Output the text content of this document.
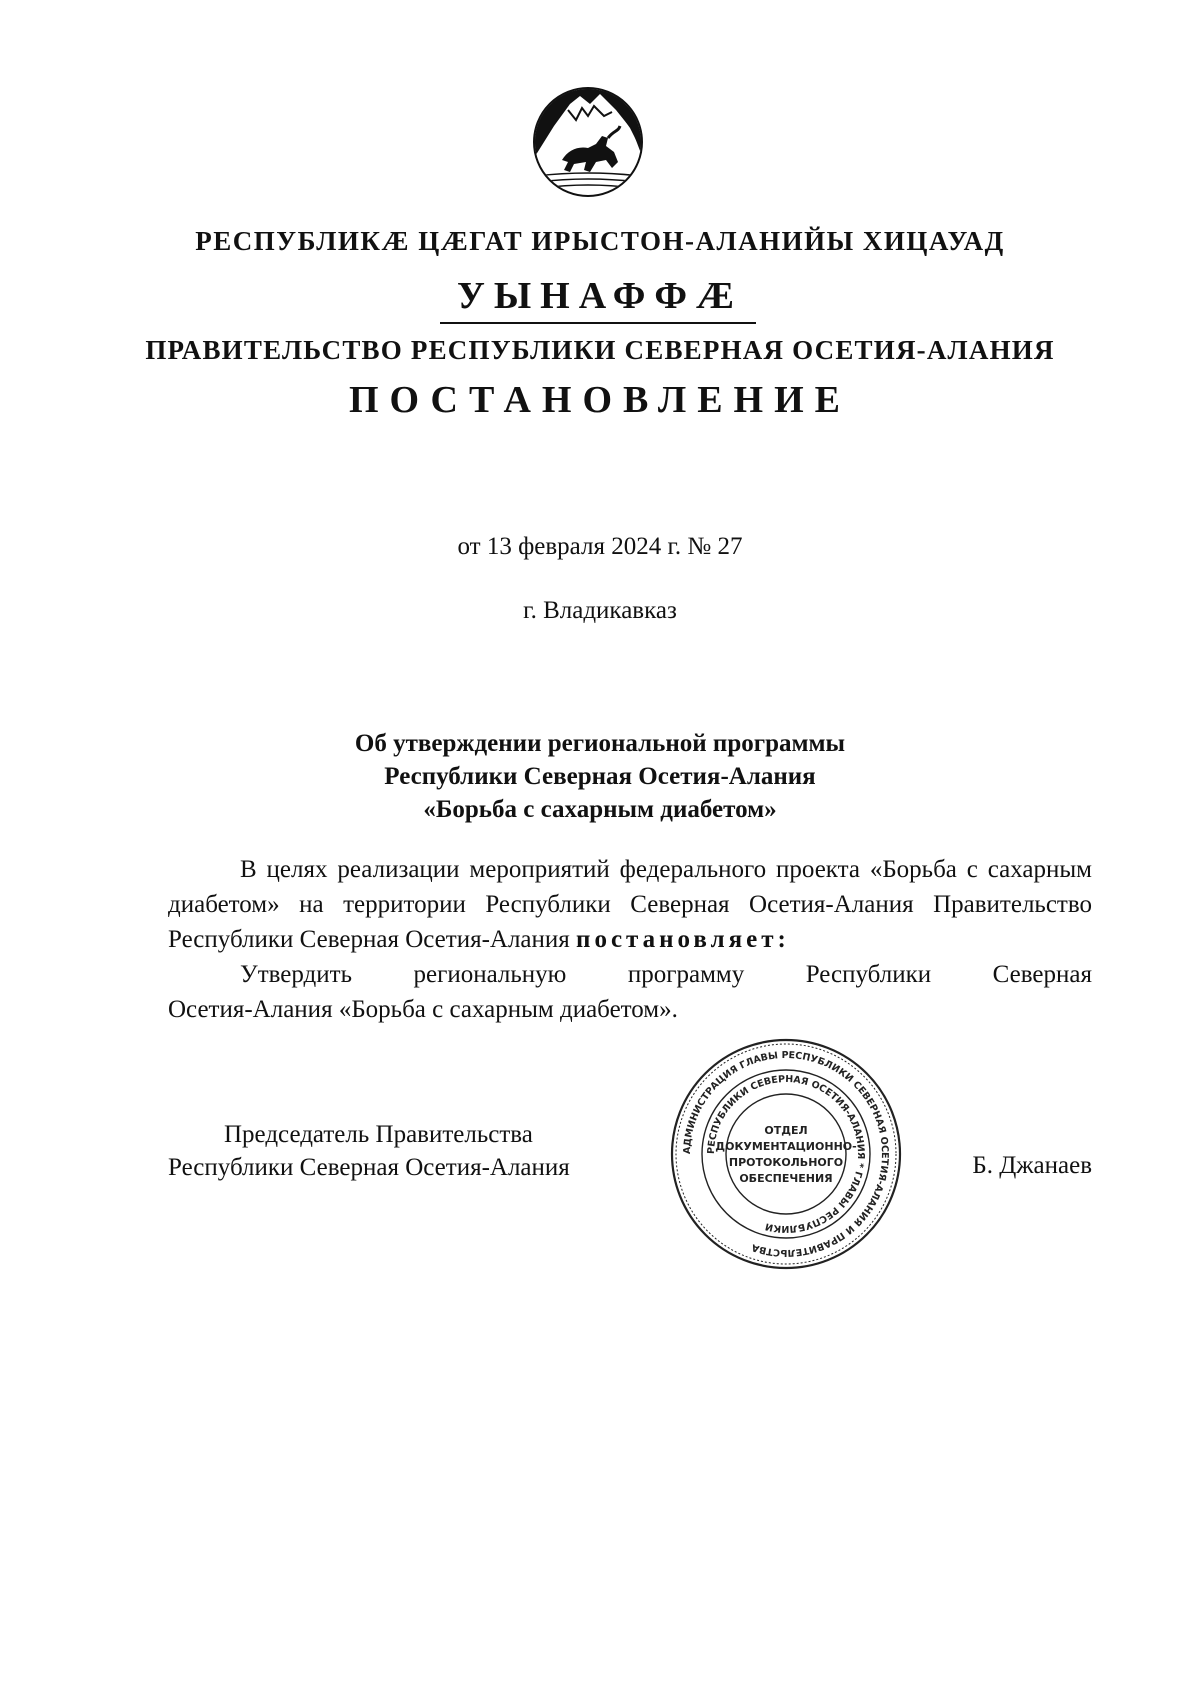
РЕСПУБЛИКÆ ЦÆГАТ ИРЫСТОН-АЛАНИЙЫ ХИЦАУАД
УЫНАФФÆ
ПРАВИТЕЛЬСТВО РЕСПУБЛИКИ СЕВЕРНАЯ ОСЕТИЯ-АЛАНИЯ
ПОСТАНОВЛЕНИЕ
от 13 февраля 2024 г. № 27
г. Владикавказ
Об утверждении региональной программы
Республики Северная Осетия-Алания
«Борьба с сахарным диабетом»

В целях реализации мероприятий федерального проекта «Борьба с сахарным диабетом» на территории Республики Северная Осетия-Алания Правительство Республики Северная Осетия-Алания постановляет:

Утвердить региональную программу Республики Северная
Осетия-Алания «Борьба с сахарным диабетом».
Председатель Правительства
Республики Северная Осетия-Алания
АДМИНИСТРАЦИЯ ГЛАВЫ РЕСПУБЛИКИ СЕВЕРНАЯ ОСЕТИЯ-АЛАНИЯ И ПРАВИТЕЛЬСТВА
РЕСПУБЛИКИ СЕВЕРНАЯ ОСЕТИЯ-АЛАНИЯ * ГЛАВЫ РЕСПУБЛИКИ
ОТДЕЛ
ДОКУМЕНТАЦИОННО-
ПРОТОКОЛЬНОГО
ОБЕСПЕЧЕНИЯ	Б. Джанаев
